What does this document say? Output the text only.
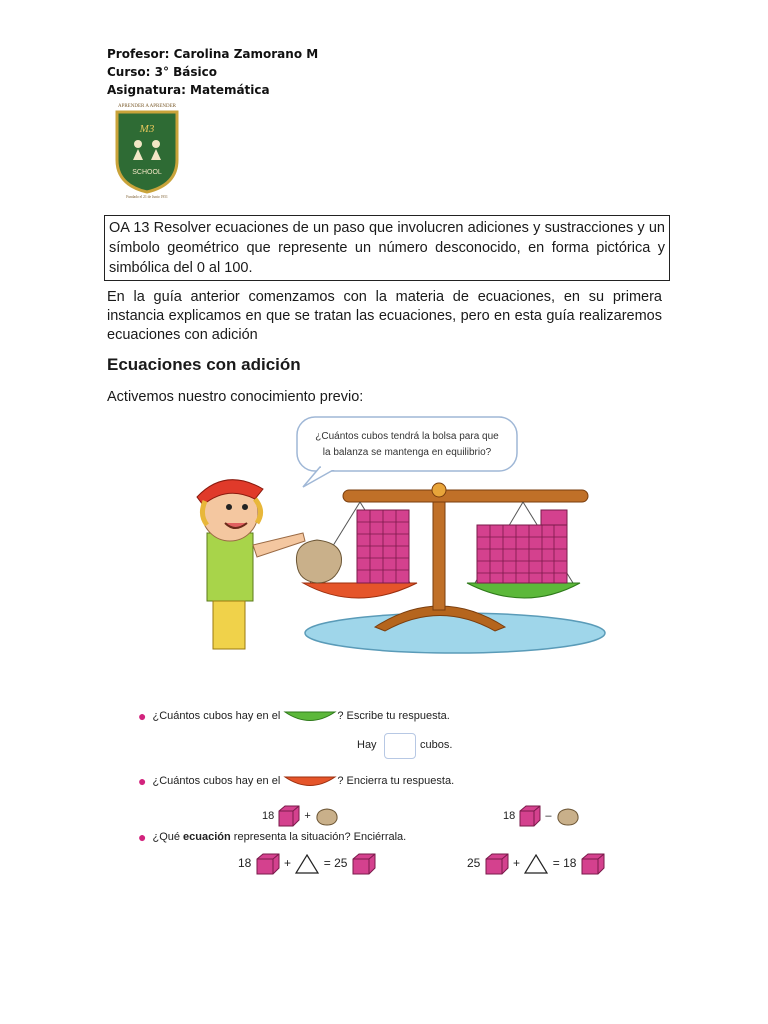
Profesor: Carolina Zamorano M
Curso: 3° Básico
Asignatura: Matemática
APRENDER A APRENDER
M3
SCHOOL
Fundado el 21 de Junio 1951
OA 13 Resolver ecuaciones de un paso que involucren adiciones y sustracciones y un símbolo geométrico que represente un número desconocido, en forma pictórica y simbólica del 0 al 100.
En la guía anterior comenzamos con la materia de ecuaciones, en su primera instancia explicamos en que se tratan las ecuaciones, pero en esta guía realizaremos ecuaciones con adición
Ecuaciones con adición
Activemos nuestro conocimiento previo:
¿Cuántos cubos tendrá la bolsa para que
la balanza se mantenga en equilibrio?
● ¿Cuántos cubos hay en el	? Escribe tu respuesta.
Hay	cubos.
● ¿Cuántos cubos hay en el	? Encierra tu respuesta.
18	+	18	–
● ¿Qué ecuación representa la situación? Enciérrala.
18	+	= 25	25	+	= 18
